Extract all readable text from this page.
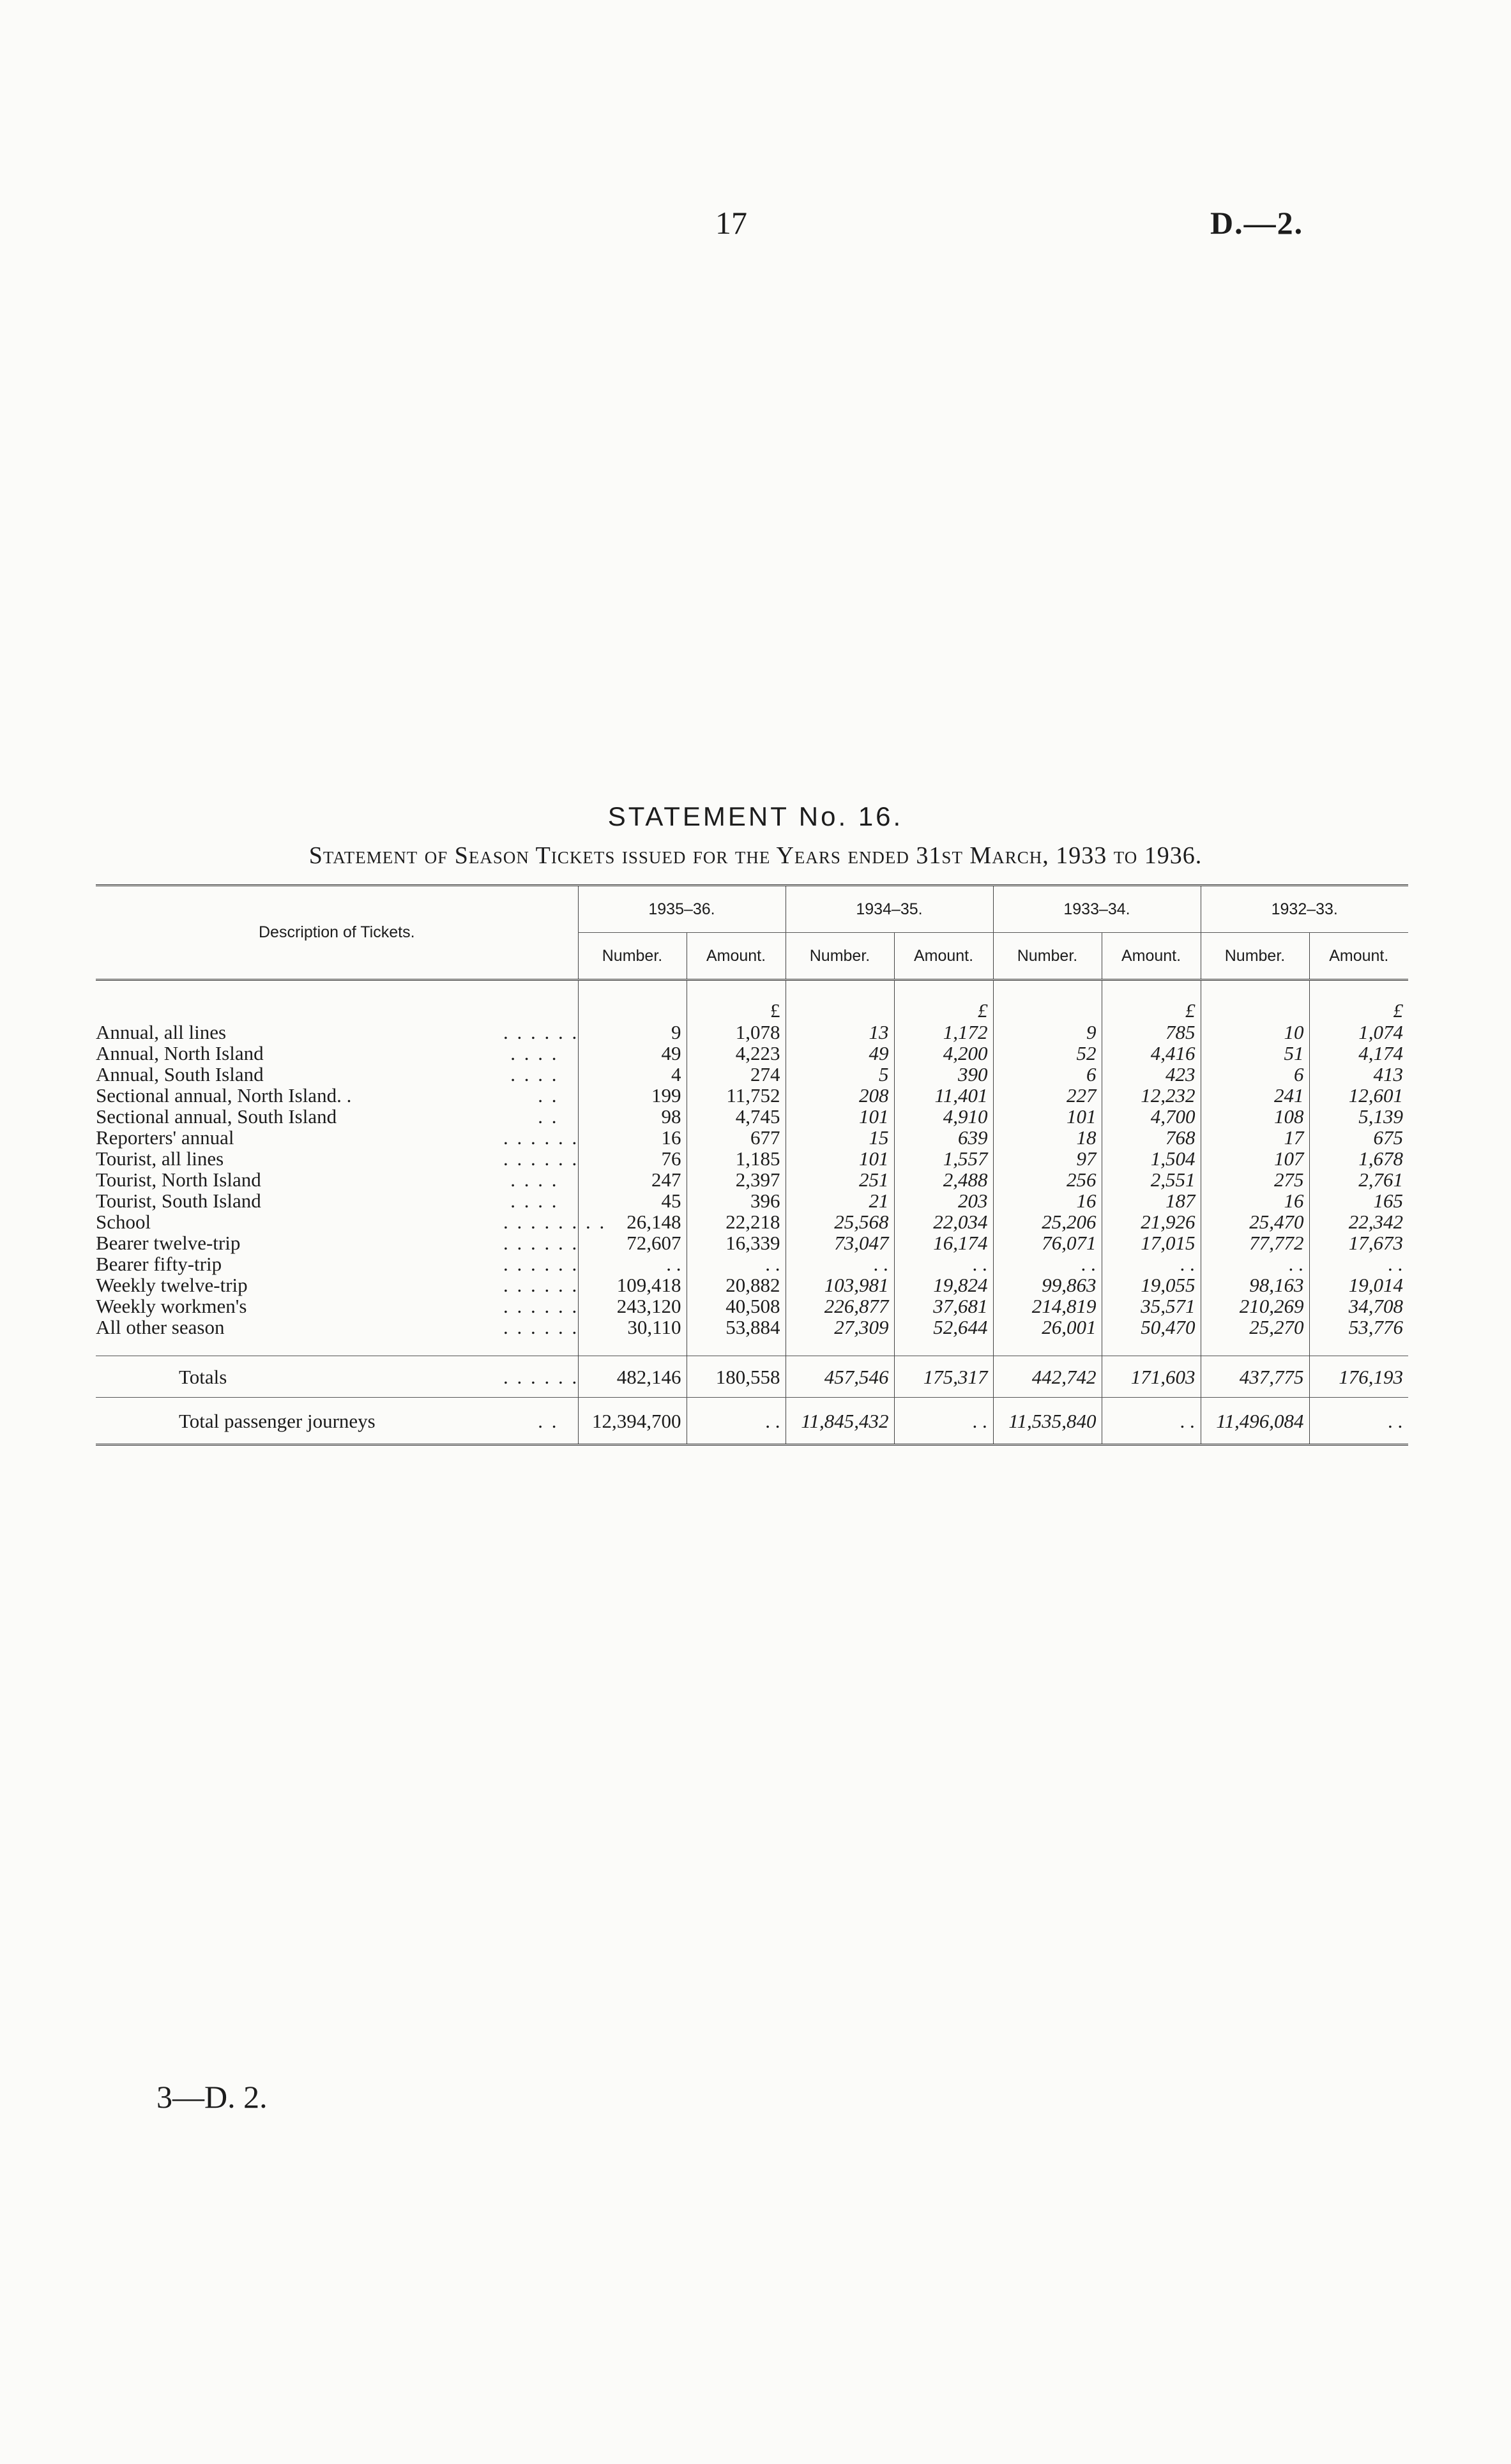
17	D.—2.
STATEMENT No. 16.
Statement of Season Tickets issued for the Years ended 31st March, 1933 to 1936.
Description of Tickets.		1935–36.		1934–35.		1933–34.		1932–33.	
		Number.	Amount.	Number.	Amount.	Number.	Amount.	Number.	Amount.

			£		£		£		£
Annual, all lines	. . . . . .	9	1,078	13	1,172	9	785	10	1,074
Annual, North Island	. . . .	49	4,223	49	4,200	52	4,416	51	4,174
Annual, South Island	. . . .	4	274	5	390	6	423	6	413
Sectional annual, North Island. .	. .	199	11,752	208	11,401	227	12,232	241	12,601
Sectional annual, South Island	. .	98	4,745	101	4,910	101	4,700	108	5,139
Reporters' annual	. . . . . .	16	677	15	639	18	768	17	675
Tourist, all lines	. . . . . .	76	1,185	101	1,557	97	1,504	107	1,678
Tourist, North Island	. . . .	247	2,397	251	2,488	256	2,551	275	2,761
Tourist, South Island	. . . .	45	396	21	203	16	187	16	165
School	. . . . . . . .	26,148	22,218	25,568	22,034	25,206	21,926	25,470	22,342
Bearer twelve-trip	. . . . . .	72,607	16,339	73,047	16,174	76,071	17,015	77,772	17,673
Bearer fifty-trip	. . . . . .	. .	. .	. .	. .	. .	. .	. .	. .
Weekly twelve-trip	. . . . . .	109,418	20,882	103,981	19,824	99,863	19,055	98,163	19,014
Weekly workmen's	. . . . . .	243,120	40,508	226,877	37,681	214,819	35,571	210,269	34,708
All other season	. . . . . .	30,110	53,884	27,309	52,644	26,001	50,470	25,270	53,776

Totals	. . . . . .	482,146	180,558	457,546	175,317	442,742	171,603	437,775	176,193
Total passenger journeys	. .	12,394,700	. .	11,845,432	. .	11,535,840	. .	11,496,084	. .
3—D. 2.
